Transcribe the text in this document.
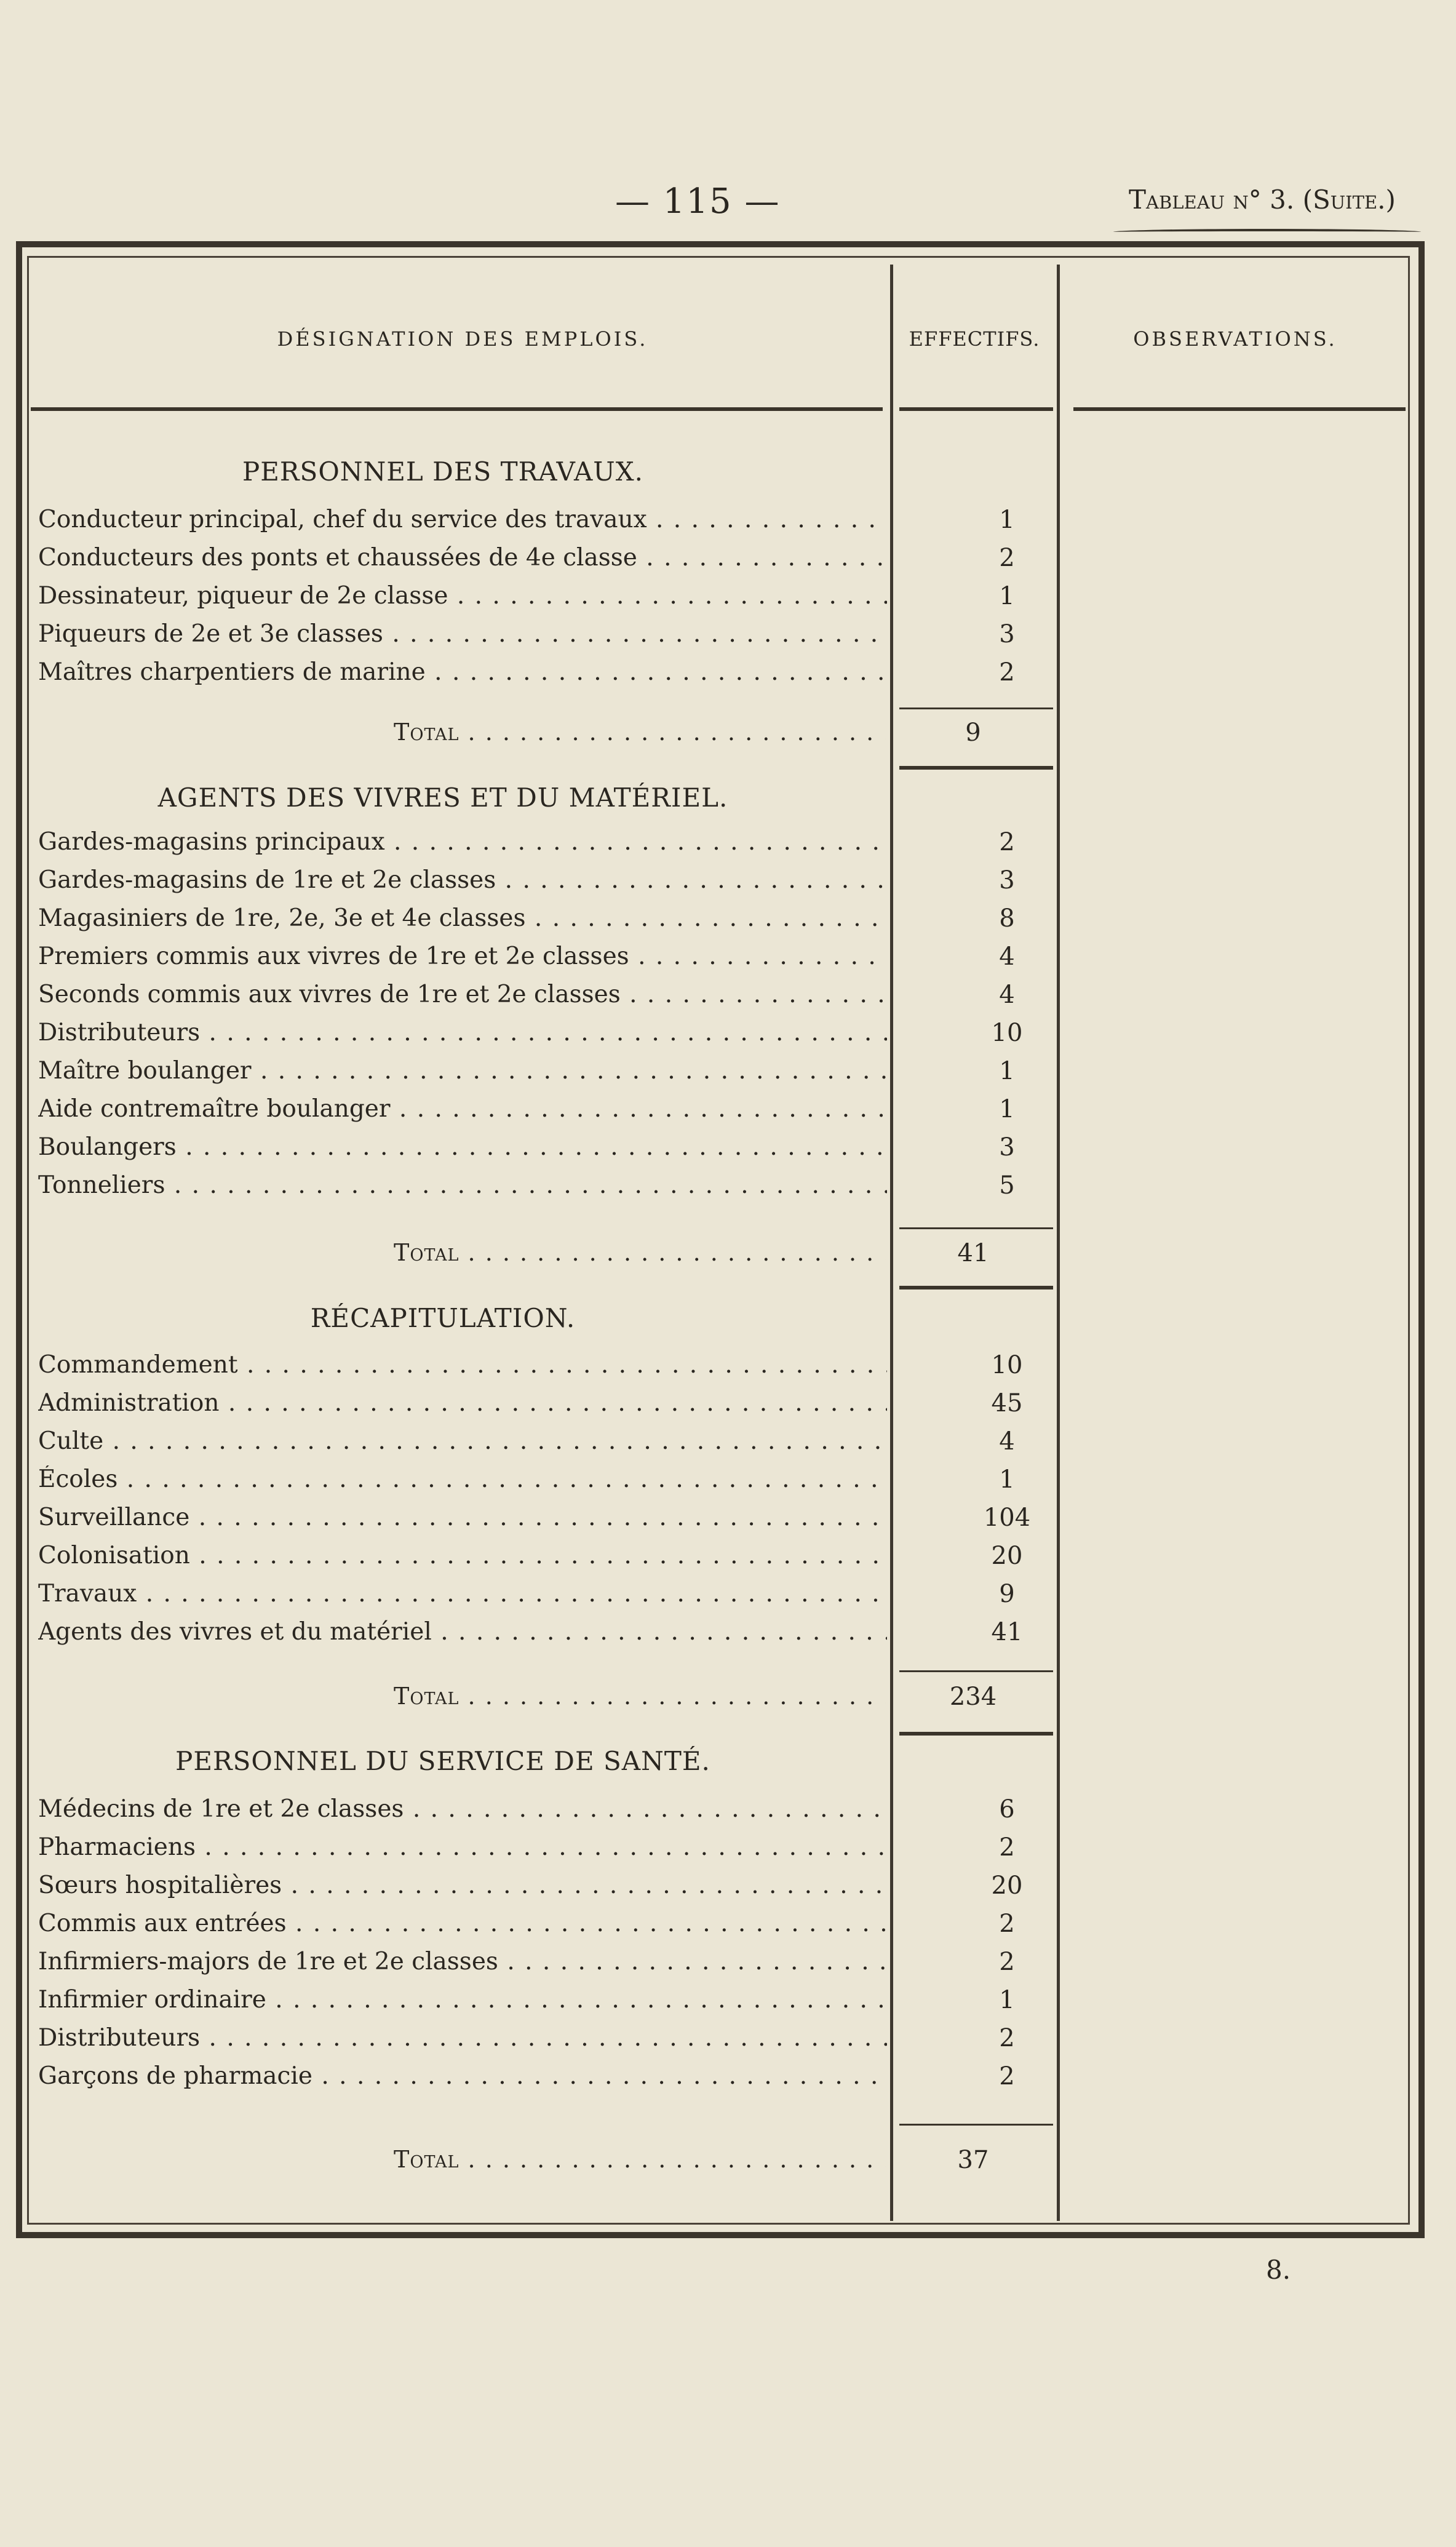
— 115 —	Tableau n° 3. (Suite.)
DÉSIGNATION DES EMPLOIS.	EFFECTIFS.	OBSERVATIONS.
PERSONNEL DES TRAVAUX.
Conducteur principal, chef du service des travaux . . .	1
Conducteurs des ponts et chaussées de 4e classe . . .	2
Dessinateur, piqueur de 2e classe . . .	1
Piqueurs de 2e et 3e classes . . .	3
Maîtres charpentiers de marine . . .	2
Total . . .	9
AGENTS DES VIVRES ET DU MATÉRIEL.
Gardes-magasins principaux . . .	2
Gardes-magasins de 1re et 2e classes . . .	3
Magasiniers de 1re, 2e, 3e et 4e classes . . .	8
Premiers commis aux vivres de 1re et 2e classes . . .	4
Seconds commis aux vivres de 1re et 2e classes . . .	4
Distributeurs . . .	10
Maître boulanger . . .	1
Aide contremaître boulanger . . .	1
Boulangers . . .	3
Tonneliers . . .	5
Total . . .	41
RÉCAPITULATION.
Commandement . . .	10
Administration . . .	45
Culte . . .	4
Écoles . . .	1
Surveillance . . .	104
Colonisation . . .	20
Travaux . . .	9
Agents des vivres et du matériel . . .	41
Total . . .	234
PERSONNEL DU SERVICE DE SANTÉ.
Médecins de 1re et 2e classes . . .	6
Pharmaciens . . .	2
Sœurs hospitalières . . .	20
Commis aux entrées . . .	2
Infirmiers-majors de 1re et 2e classes . . .	2
Infirmier ordinaire . . .	1
Distributeurs . . .	2
Garçons de pharmacie . . .	2
Total . . .	37
8.
